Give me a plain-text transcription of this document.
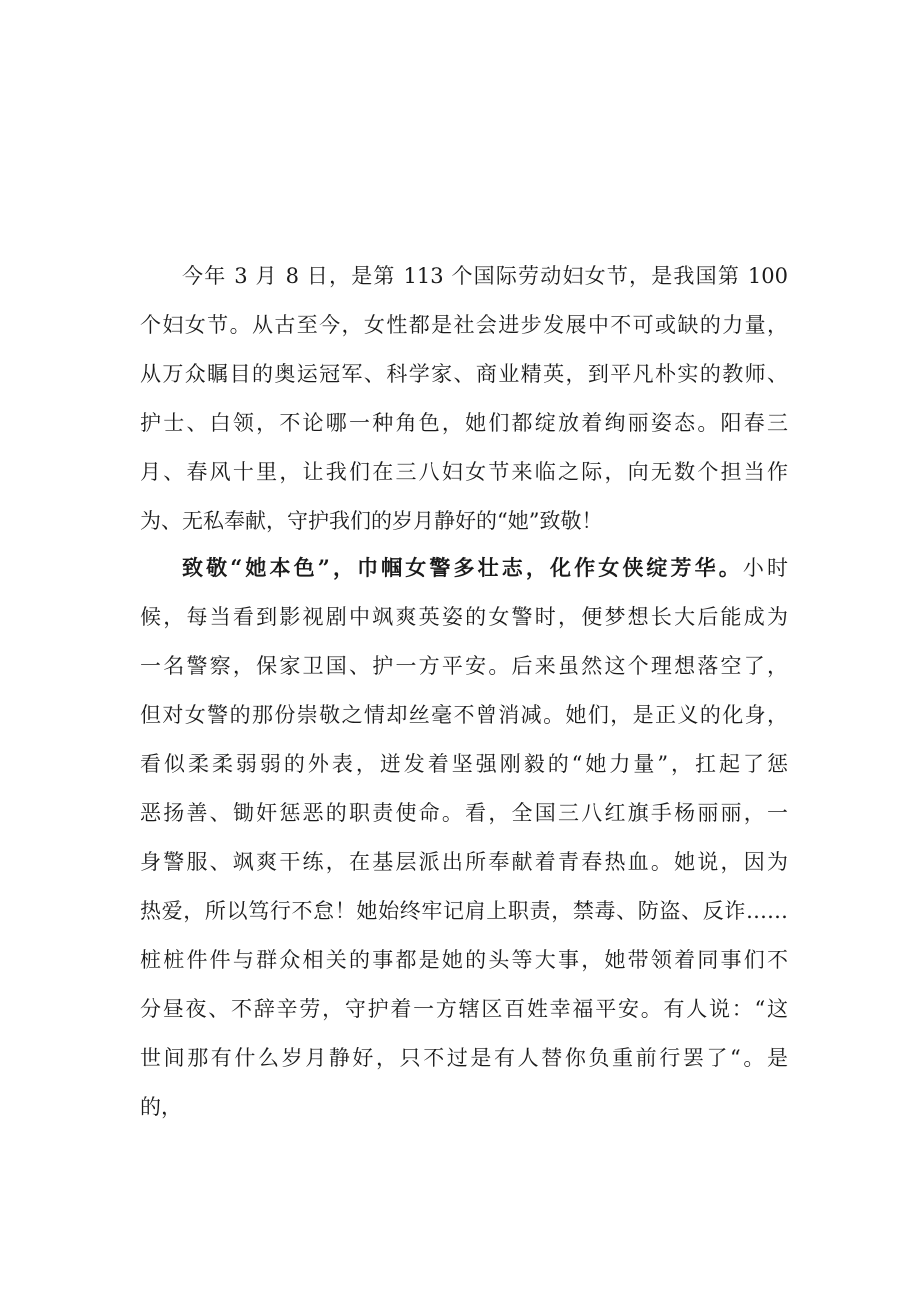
今年 3 月 8 日，是第 113 个国际劳动妇女节，是我国第 100
个妇女节。从古至今，女性都是社会进步发展中不可或缺的力量，
从万众瞩目的奥运冠军、科学家、商业精英，到平凡朴实的教师、
护士、白领，不论哪一种角色，她们都绽放着绚丽姿态。阳春三
月、春风十里，让我们在三八妇女节来临之际，向无数个担当作
为、无私奉献，守护我们的岁月静好的“她”致敬！
致敬“她本色”，巾帼女警多壮志，化作女侠绽芳华。小时
候，每当看到影视剧中飒爽英姿的女警时，便梦想长大后能成为
一名警察，保家卫国、护一方平安。后来虽然这个理想落空了，
但对女警的那份崇敬之情却丝毫不曾消减。她们，是正义的化身，
看似柔柔弱弱的外表，迸发着坚强刚毅的“她力量”，扛起了惩
恶扬善、锄奸惩恶的职责使命。看，全国三八红旗手杨丽丽，一
身警服、飒爽干练，在基层派出所奉献着青春热血。她说，因为
热爱，所以笃行不怠！她始终牢记肩上职责，禁毒、防盗、反诈……
桩桩件件与群众相关的事都是她的头等大事，她带领着同事们不
分昼夜、不辞辛劳，守护着一方辖区百姓幸福平安。有人说：“这
世间那有什么岁月静好，只不过是有人替你负重前行罢了“。是
的，
